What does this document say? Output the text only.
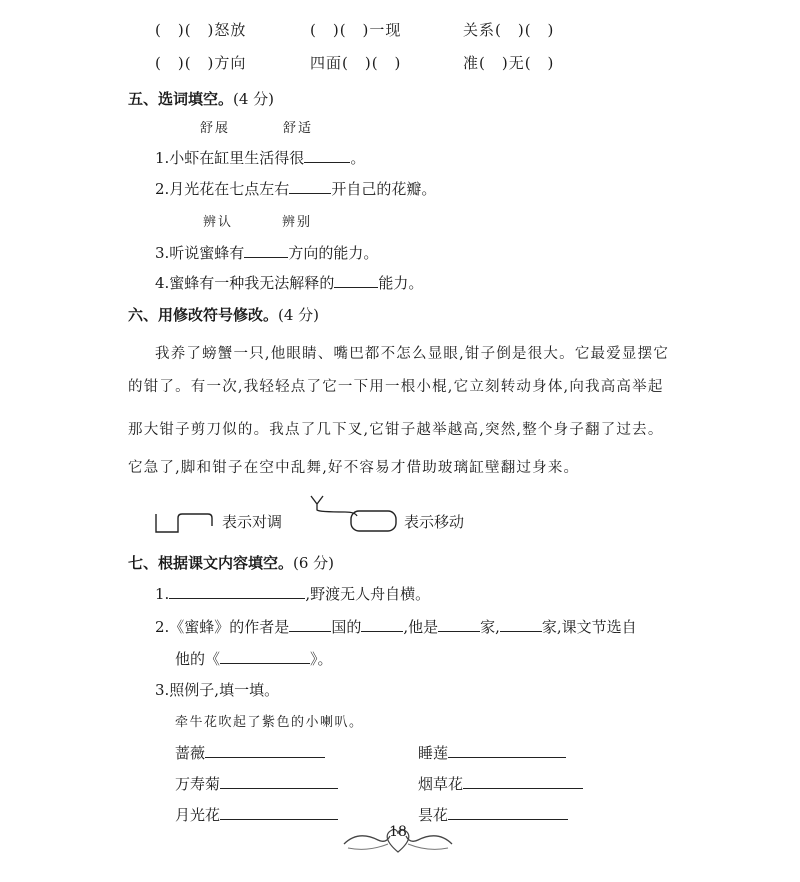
(　)(　)怒放	(　)(　)一现	关系(　)(　)
(　)(　)方向	四面(　)(　)	准(　)无(　)
五、选词填空。(4 分)
舒展	舒适
1.小虾在缸里生活得很	。
2.月光花在七点左右	开自己的花瓣。
辨认	辨别
3.听说蜜蜂有	方向的能力。
4.蜜蜂有一种我无法解释的	能力。
六、用修改符号修改。(4 分)
我养了螃蟹一只,他眼睛、嘴巴都不怎么显眼,钳子倒是很大。它最爱显摆它
的钳了。有一次,我轻轻点了它一下用一根小棍,它立刻转动身体,向我高高举起
那大钳子剪刀似的。我点了几下叉,它钳子越举越高,突然,整个身子翻了过去。
它急了,脚和钳子在空中乱舞,好不容易才借助玻璃缸壁翻过身来。
表示对调	表示移动
七、根据课文内容填空。(6 分)
1.	,野渡无人舟自横。
2.《蜜蜂》的作者是	国的	,他是	家,	家,课文节选自
他的《	》。
3.照例子,填一填。
牵牛花吹起了紫色的小喇叭。
蔷薇	睡莲
万寿菊	烟草花
月光花	昙花
18
